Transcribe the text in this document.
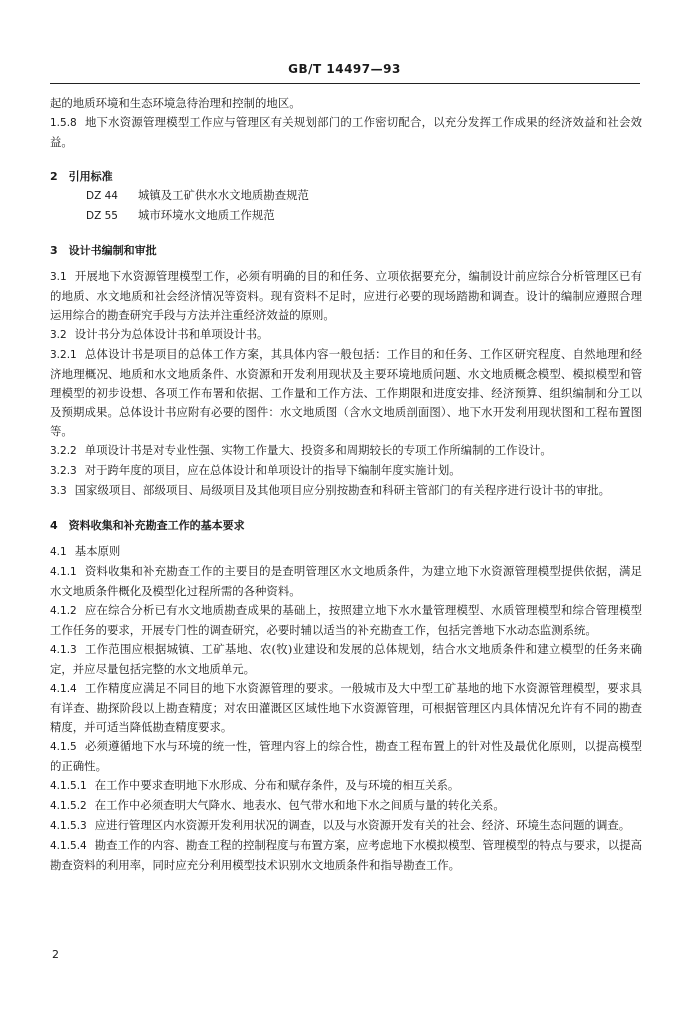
GB/T 14497—93

起的地质环境和生态环境急待治理和控制的地区。

1.5.8 地下水资源管理模型工作应与管理区有关规划部门的工作密切配合，以充分发挥工作成果的经济效益和社会效益。

2　引用标准

DZ 44 城镇及工矿供水水文地质勘查规范

DZ 55 城市环境水文地质工作规范

3　设计书编制和审批

3.1 开展地下水资源管理模型工作，必须有明确的目的和任务、立项依据要充分，编制设计前应综合分析管理区已有的地质、水文地质和社会经济情况等资料。现有资料不足时，应进行必要的现场踏勘和调查。设计的编制应遵照合理运用综合的勘查研究手段与方法并注重经济效益的原则。

3.2 设计书分为总体设计书和单项设计书。

3.2.1 总体设计书是项目的总体工作方案，其具体内容一般包括：工作目的和任务、工作区研究程度、自然地理和经济地理概况、地质和水文地质条件、水资源和开发利用现状及主要环境地质问题、水文地质概念模型、模拟模型和管理模型的初步设想、各项工作布署和依据、工作量和工作方法、工作期限和进度安排、经济预算、组织编制和分工以及预期成果。总体设计书应附有必要的图件：水文地质图（含水文地质剖面图）、地下水开发利用现状图和工程布置图等。

3.2.2 单项设计书是对专业性强、实物工作量大、投资多和周期较长的专项工作所编制的工作设计。

3.2.3 对于跨年度的项目，应在总体设计和单项设计的指导下编制年度实施计划。

3.3 国家级项目、部级项目、局级项目及其他项目应分别按勘查和科研主管部门的有关程序进行设计书的审批。

4　资料收集和补充勘查工作的基本要求

4.1 基本原则

4.1.1 资料收集和补充勘查工作的主要目的是查明管理区水文地质条件，为建立地下水资源管理模型提供依据，满足水文地质条件概化及模型化过程所需的各种资料。

4.1.2 应在综合分析已有水文地质勘查成果的基础上，按照建立地下水水量管理模型、水质管理模型和综合管理模型工作任务的要求，开展专门性的调查研究，必要时辅以适当的补充勘查工作，包括完善地下水动态监测系统。

4.1.3 工作范围应根据城镇、工矿基地、农(牧)业建设和发展的总体规划，结合水文地质条件和建立模型的任务来确定，并应尽量包括完整的水文地质单元。

4.1.4 工作精度应满足不同目的地下水资源管理的要求。一般城市及大中型工矿基地的地下水资源管理模型，要求具有详查、勘探阶段以上勘查精度；对农田灌溉区区域性地下水资源管理，可根据管理区内具体情况允许有不同的勘查精度，并可适当降低勘查精度要求。

4.1.5 必须遵循地下水与环境的统一性，管理内容上的综合性，勘查工程布置上的针对性及最优化原则，以提高模型的正确性。

4.1.5.1 在工作中要求查明地下水形成、分布和赋存条件，及与环境的相互关系。

4.1.5.2 在工作中必须查明大气降水、地表水、包气带水和地下水之间质与量的转化关系。

4.1.5.3 应进行管理区内水资源开发利用状况的调查，以及与水资源开发有关的社会、经济、环境生态问题的调查。

4.1.5.4 勘查工作的内容、勘查工程的控制程度与布置方案，应考虑地下水模拟模型、管理模型的特点与要求，以提高勘查资料的利用率，同时应充分利用模型技术识别水文地质条件和指导勘查工作。

2
